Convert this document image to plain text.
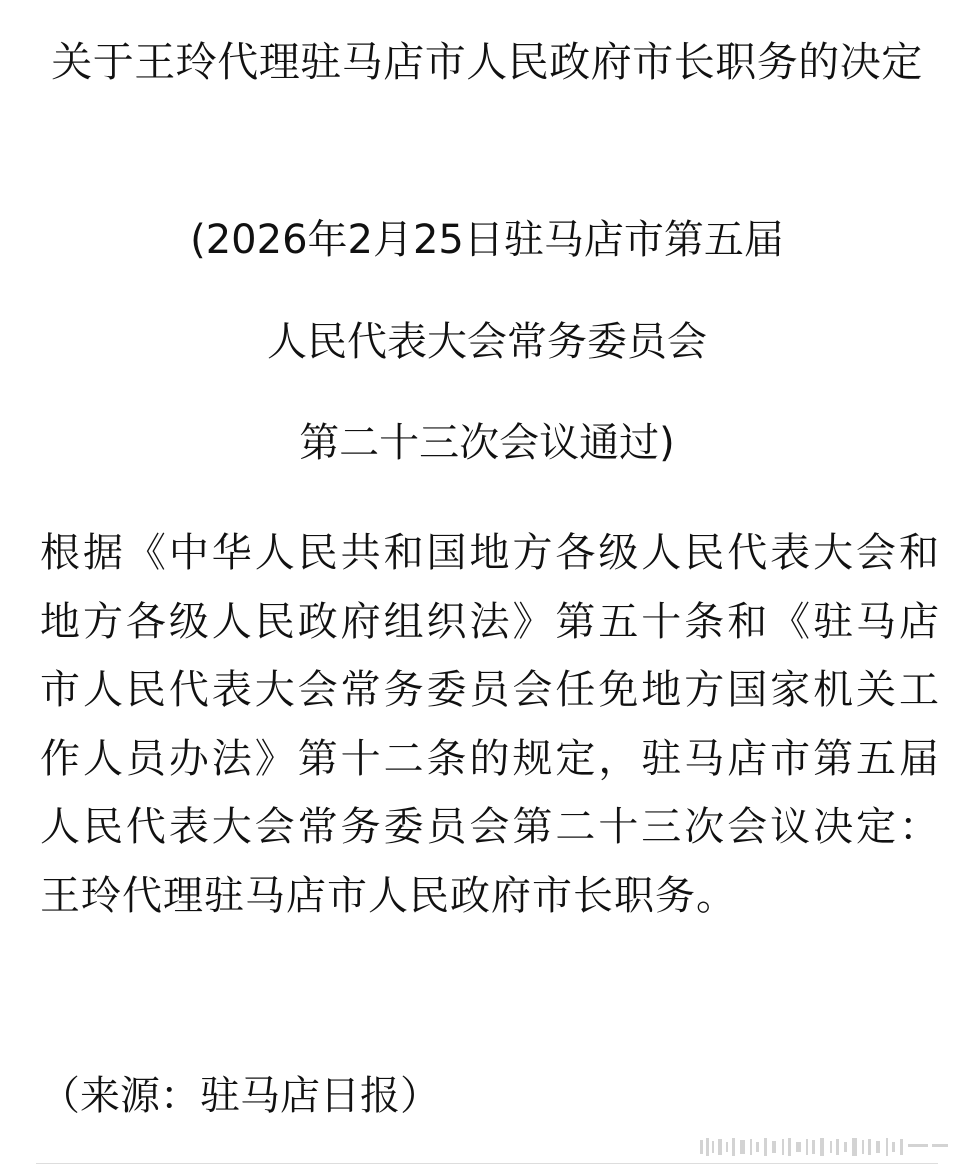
关于王玲代理驻马店市人民政府市长职务的决定

(2026年2月25日驻马店市第五届

人民代表大会常务委员会

第二十三次会议通过)

根据《中华人民共和国地方各级人民代表大会和地方各级人民政府组织法》第五十条和《驻马店市人民代表大会常务委员会任免地方国家机关工作人员办法》第十二条的规定，驻马店市第五届人民代表大会常务委员会第二十三次会议决定：王玲代理驻马店市人民政府市长职务。

（来源：驻马店日报）
